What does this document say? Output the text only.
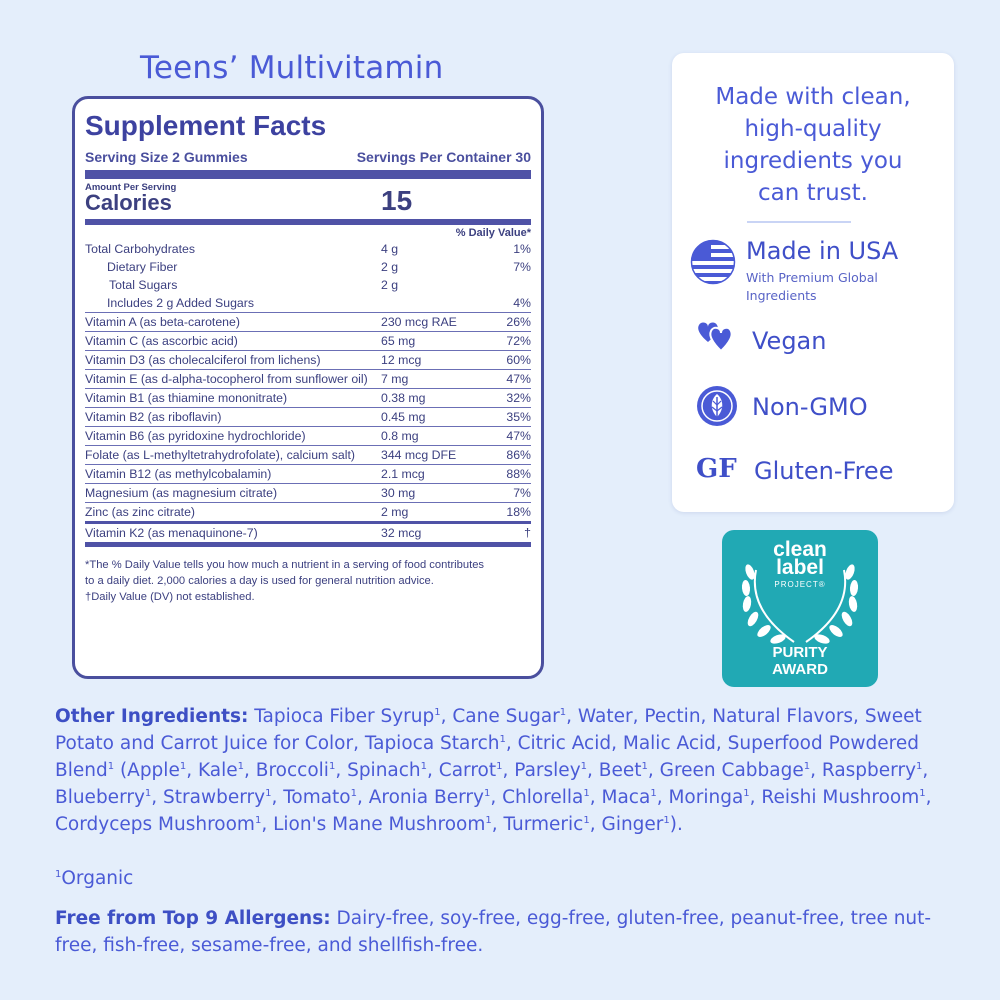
Teens’ Multivitamin
Supplement Facts
Serving Size 2 Gummies	Servings Per Container 30
Amount Per Serving
Calories	15
% Daily Value*
Total Carbohydrates	4 g	1%
Dietary Fiber	2 g	7%
Total Sugars	2 g
Includes 2 g Added Sugars	4%
Vitamin A (as beta-carotene)	230 mcg RAE	26%
Vitamin C (as ascorbic acid)	65 mg	72%
Vitamin D3 (as cholecalciferol from lichens)	12 mcg	60%
Vitamin E (as d-alpha-tocopherol from sunflower oil)	7 mg	47%
Vitamin B1 (as thiamine mononitrate)	0.38 mg	32%
Vitamin B2 (as riboflavin)	0.45 mg	35%
Vitamin B6 (as pyridoxine hydrochloride)	0.8 mg	47%
Folate (as L-methyltetrahydrofolate), calcium salt)	344 mcg DFE	86%
Vitamin B12 (as methylcobalamin)	2.1 mcg	88%
Magnesium (as magnesium citrate)	30 mg	7%
Zinc (as zinc citrate)	2 mg	18%
Vitamin K2 (as menaquinone-7)	32 mcg	†
*The % Daily Value tells you how much a nutrient in a serving of food contributes
to a daily diet. 2,000 calories a day is used for general nutrition advice.
†Daily Value (DV) not established.
Made with clean,
high-quality
ingredients you
can trust.
Made in USA
With Premium Global
Ingredients
Vegan
Non-GMO
GF Gluten-Free
clean
label
PROJECT®
PURITY
AWARD
Other Ingredients: Tapioca Fiber Syrup$^1$, Cane Sugar$^1$, Water, Pectin, Natural Flavors, Sweet Potato and Carrot Juice for Color, Tapioca Starch$^1$, Citric Acid, Malic Acid, Superfood Powdered Blend$^1$ (Apple$^1$, Kale$^1$, Broccoli$^1$, Spinach$^1$, Carrot$^1$, Parsley$^1$, Beet$^1$, Green Cabbage$^1$, Raspberry$^1$, Blueberry$^1$, Strawberry$^1$, Tomato$^1$, Aronia Berry$^1$, Chlorella$^1$, Maca$^1$, Moringa$^1$, Reishi Mushroom$^1$, Cordyceps Mushroom$^1$, Lion's Mane Mushroom$^1$, Turmeric$^1$, Ginger$^1$).
$^1$Organic
Free from Top 9 Allergens: Dairy-free, soy-free, egg-free, gluten-free, peanut-free, tree nut-free, fish-free, sesame-free, and shellfish-free.
